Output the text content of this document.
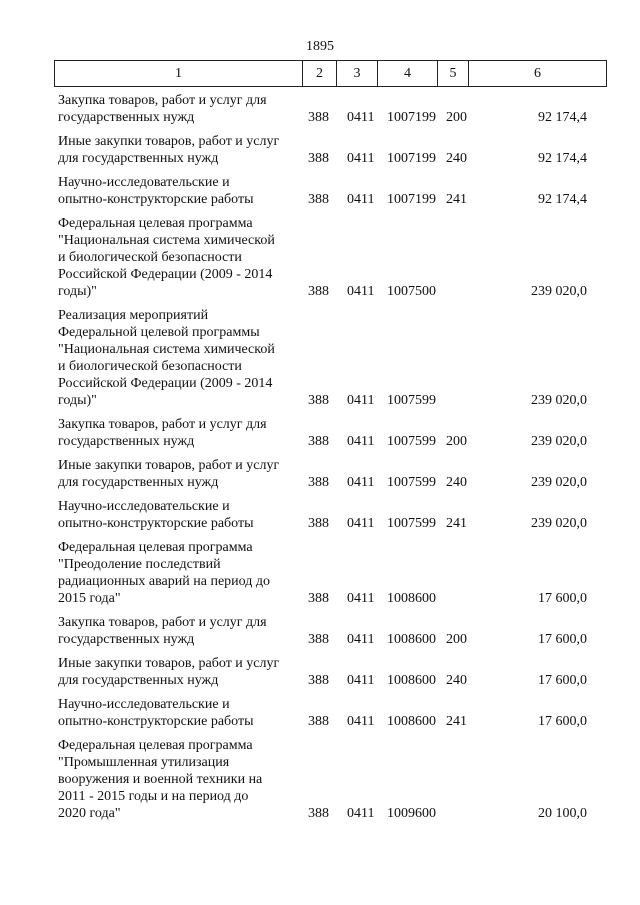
1895
1	2	3	4	5	6
Закупка товаров, работ и услуг для
государственных нужд	388 0411 1007199 200	92 174,4
Иные закупки товаров, работ и услуг
для государственных нужд	388 0411 1007199 240	92 174,4
Научно-исследовательские и
опытно-конструкторские работы	388 0411 1007199 241	92 174,4
Федеральная целевая программа
"Национальная система химической
и биологической безопасности
Российской Федерации (2009 - 2014
годы)"	388 0411 1007500	239 020,0
Реализация мероприятий
Федеральной целевой программы
"Национальная система химической
и биологической безопасности
Российской Федерации (2009 - 2014
годы)"	388 0411 1007599	239 020,0
Закупка товаров, работ и услуг для
государственных нужд	388 0411 1007599 200	239 020,0
Иные закупки товаров, работ и услуг
для государственных нужд	388 0411 1007599 240	239 020,0
Научно-исследовательские и
опытно-конструкторские работы	388 0411 1007599 241	239 020,0
Федеральная целевая программа
"Преодоление последствий
радиационных аварий на период до
2015 года"	388 0411 1008600	17 600,0
Закупка товаров, работ и услуг для
государственных нужд	388 0411 1008600 200	17 600,0
Иные закупки товаров, работ и услуг
для государственных нужд	388 0411 1008600 240	17 600,0
Научно-исследовательские и
опытно-конструкторские работы	388 0411 1008600 241	17 600,0
Федеральная целевая программа
"Промышленная утилизация
вооружения и военной техники на
2011 - 2015 годы и на период до
2020 года"	388 0411 1009600	20 100,0
